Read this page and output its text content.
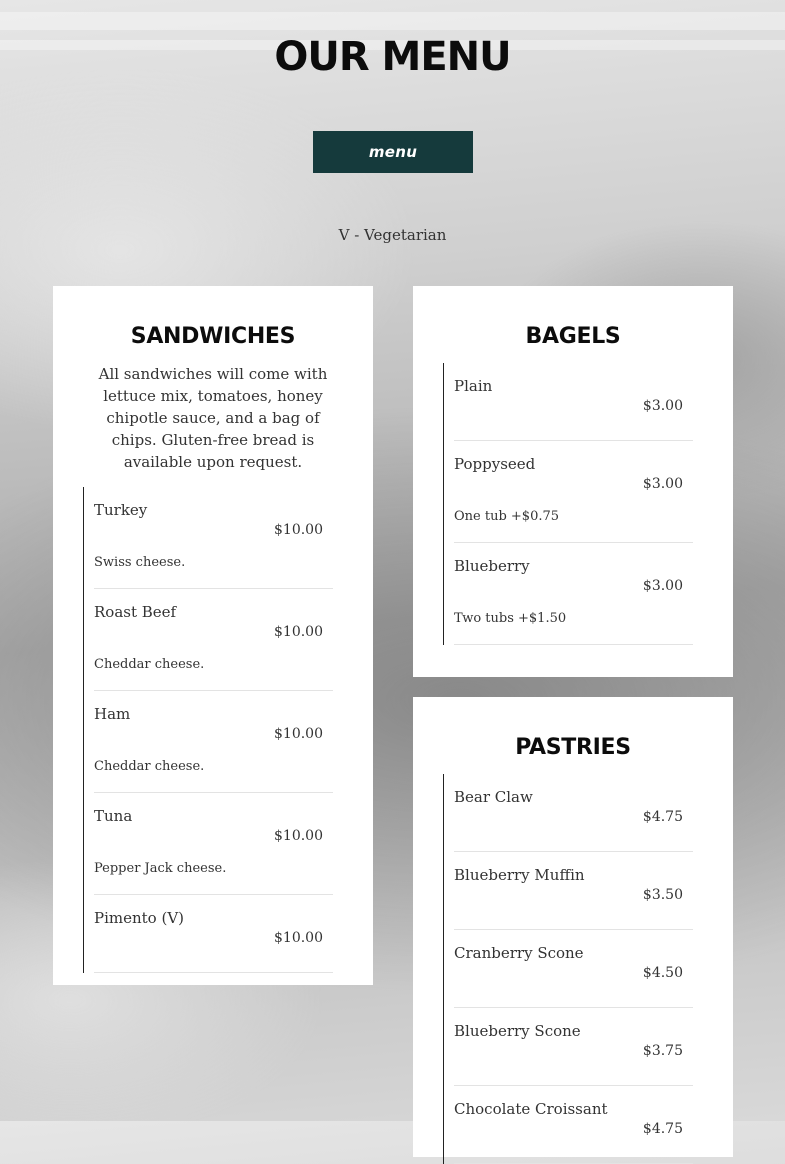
OUR MENU
menu
V - Vegetarian
SANDWICHES

All sandwiches will come with lettuce mix, tomatoes, honey chipotle sauce, and a bag of chips. Gluten-free bread is available upon request.

Turkey
$10.00
Swiss cheese.
Roast Beef
$10.00
Cheddar cheese.
Ham
$10.00
Cheddar cheese.
Tuna
$10.00
Pepper Jack cheese.
Pimento (V)
$10.00
BAGELS
Plain
$3.00
Poppyseed
$3.00
One tub +$0.75
Blueberry
$3.00
Two tubs +$1.50
PASTRIES
Bear Claw
$4.75
Blueberry Muffin
$3.50
Cranberry Scone
$4.50
Blueberry Scone
$3.75
Chocolate Croissant
$4.75
